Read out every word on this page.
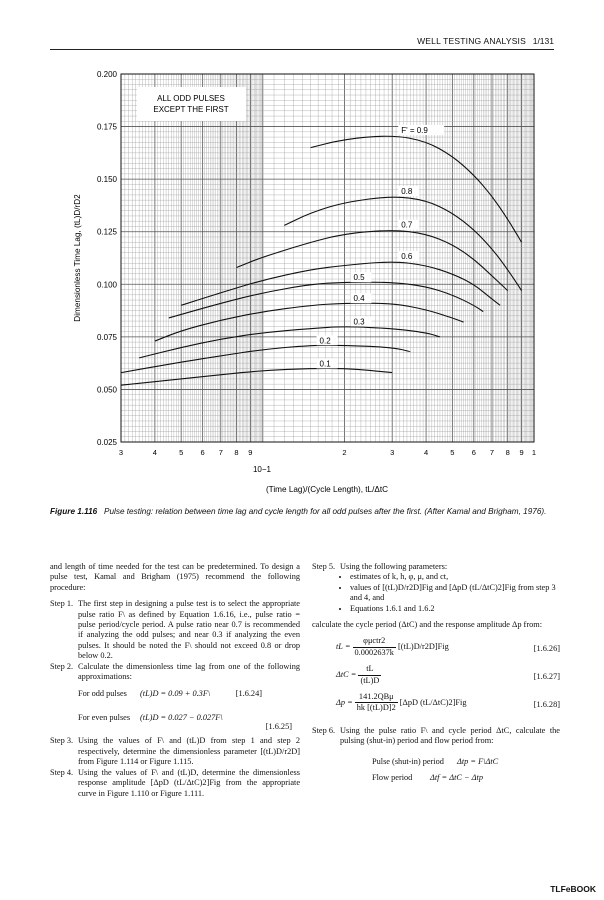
WELL TESTING ANALYSIS 1/131
F' = 0.9
0.8
0.7
0.6
0.5
0.4
0.3
0.2
0.1
0.025
0.050
0.075
0.100
0.125
0.150
0.175
0.200
3	4	5 6 7 8 9	2	3	4	5 6 7 8 9 1
ALL ODD PULSES
EXCEPT THE FIRST
(Time Lag)/(Cycle Length), tL/ΔtC
10−1
Dimensionless Time Lag, (tL)D/rD2
Figure 1.116 Pulse testing: relation between time lag and cycle length for all odd pulses after the first. (After Kamal and Brigham, 1976).

and length of time needed for the test can be predetermined. To design a pulse test, Kamal and Brigham (1975) recommend the following procedure:

Step 1. The first step in designing a pulse test is to select the appropriate pulse ratio F\ as defined by Equation 1.6.16, i.e., pulse ratio = pulse period/cycle period. A pulse ratio near 0.7 is recommended if analyzing the odd pulses; and near 0.3 if analyzing the even pulses. It should be noted the F\ should not exceed 0.8 or drop below 0.2.

Step 2. Calculate the dimensionless time lag from one of the following approximations:

For odd pulses (tL)D = 0.09 + 0.3F\	[1.6.24]
For even pulses (tL)D = 0.027 − 0.027F\
[1.6.25]

Step 3. Using the values of F\ and (tL)D from step 1 and step 2 respectively, determine the dimensionless parameter [(tL)D/r2D] from Figure 1.114 or Figure 1.115.

Step 4. Using the values of F\ and (tL)D, determine the dimensionless response amplitude [ΔpD (tL/ΔtC)2]Fig from the appropriate curve in Figure 1.110 or Figure 1.111.

Step 5. Using the following parameters:

• estimates of k, h, φ, μ, and ct,
• values of [(tL)D/r2D]Fig and [ΔpD (tL/ΔtC)2]Fig from step 3 and 4, and
• Equations 1.6.1 and 1.6.2

calculate the cycle period (ΔtC) and the response amplitude Δp from:

tL = $\frac{\text{φμctr2}}{0.0002637k} [(tL)D/r2D]Fig$	[1.6.26]
$\Delta tC = \frac{tL}{(tL)D}$	[1.6.27]
$\Delta p = \frac{\text{141.2QBμ}}{hk [(tL)D]2} [\Delta pD$ (tL/ΔtC)2]Fig	[1.6.28]

Step 6. Using the pulse ratio F\ and cycle period ΔtC, calculate the pulsing (shut-in) period and flow period from:

Pulse (shut-in) period Δtp = F\ΔtC
Flow period Δtf = ΔtC − Δtp
TLFeBOOK
